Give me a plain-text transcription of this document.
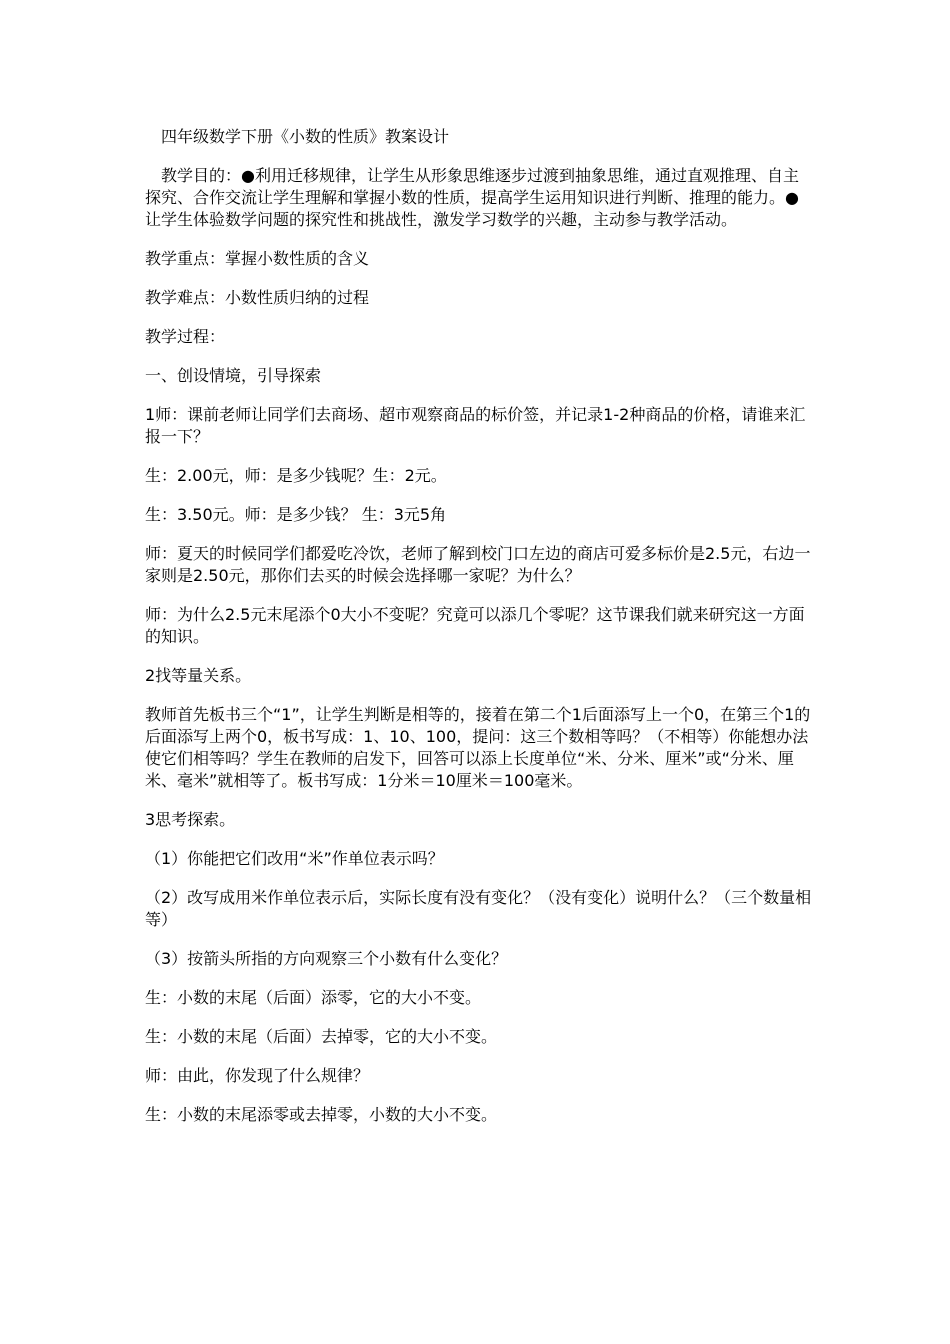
四年级数学下册《小数的性质》教案设计

教学目的：●利用迁移规律，让学生从形象思维逐步过渡到抽象思维，通过直观推理、自主探究、合作交流让学生理解和掌握小数的性质，提高学生运用知识进行判断、推理的能力。●让学生体验数学问题的探究性和挑战性，激发学习数学的兴趣，主动参与教学活动。

教学重点：掌握小数性质的含义

教学难点：小数性质归纳的过程

教学过程：

一、创设情境，引导探索

1师：课前老师让同学们去商场、超市观察商品的标价签，并记录1-2种商品的价格，请谁来汇报一下？

生：2.00元，师：是多少钱呢？生：2元。

生：3.50元。师：是多少钱？ 生：3元5角

师：夏天的时候同学们都爱吃冷饮，老师了解到校门口左边的商店可爱多标价是2.5元，右边一家则是2.50元，那你们去买的时候会选择哪一家呢？为什么？

师：为什么2.5元末尾添个0大小不变呢？究竟可以添几个零呢？这节课我们就来研究这一方面的知识。

2找等量关系。

教师首先板书三个“1”，让学生判断是相等的，接着在第二个1后面添写上一个0，在第三个1的后面添写上两个0，板书写成：1、10、100，提问：这三个数相等吗？（不相等）你能想办法使它们相等吗？学生在教师的启发下，回答可以添上长度单位“米、分米、厘米”或“分米、厘米、毫米”就相等了。板书写成：1分米＝10厘米＝100毫米。

3思考探索。

（1）你能把它们改用“米”作单位表示吗？

（2）改写成用米作单位表示后，实际长度有没有变化？（没有变化）说明什么？（三个数量相等）

（3）按箭头所指的方向观察三个小数有什么变化？

生：小数的末尾（后面）添零，它的大小不变。

生：小数的末尾（后面）去掉零，它的大小不变。

师：由此，你发现了什么规律？

生：小数的末尾添零或去掉零，小数的大小不变。
